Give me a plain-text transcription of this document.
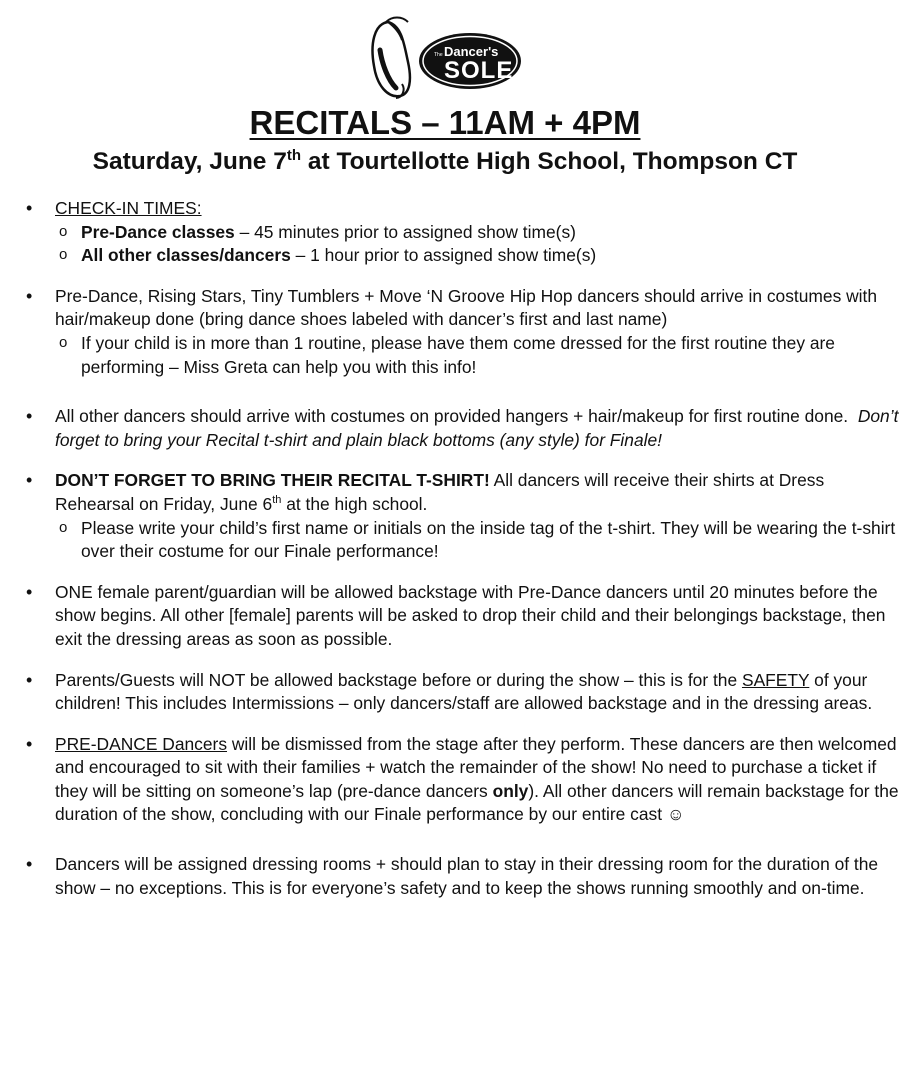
The Dancer's
SOLE
RECITALS – 11AM + 4PM
Saturday, June 7th at Tourtellotte High School, Thompson CT
• CHECK-IN TIMES:
o Pre-Dance classes – 45 minutes prior to assigned show time(s)
o All other classes/dancers – 1 hour prior to assigned show time(s)
• Pre-Dance, Rising Stars, Tiny Tumblers + Move ‘N Groove Hip Hop dancers should arrive in costumes with hair/makeup done (bring dance shoes labeled with dancer’s first and last name)
o If your child is in more than 1 routine, please have them come dressed for the first routine they are performing – Miss Greta can help you with this info!
• All other dancers should arrive with costumes on provided hangers + hair/makeup for first routine done. Don’t forget to bring your Recital t-shirt and plain black bottoms (any style) for Finale!
• DON’T FORGET TO BRING THEIR RECITAL T-SHIRT! All dancers will receive their shirts at Dress Rehearsal on Friday, June 6th at the high school.
o Please write your child’s first name or initials on the inside tag of the t-shirt. They will be wearing the t-shirt over their costume for our Finale performance!
• ONE female parent/guardian will be allowed backstage with Pre-Dance dancers until 20 minutes before the show begins. All other [female] parents will be asked to drop their child and their belongings backstage, then exit the dressing areas as soon as possible.
• Parents/Guests will NOT be allowed backstage before or during the show – this is for the SAFETY of your children! This includes Intermissions – only dancers/staff are allowed backstage and in the dressing areas.
• PRE-DANCE Dancers will be dismissed from the stage after they perform. These dancers are then welcomed and encouraged to sit with their families + watch the remainder of the show! No need to purchase a ticket if they will be sitting on someone’s lap (pre-dance dancers only). All other dancers will remain backstage for the duration of the show, concluding with our Finale performance by our entire cast ☺
• Dancers will be assigned dressing rooms + should plan to stay in their dressing room for the duration of the show – no exceptions. This is for everyone’s safety and to keep the shows running smoothly and on-time.
